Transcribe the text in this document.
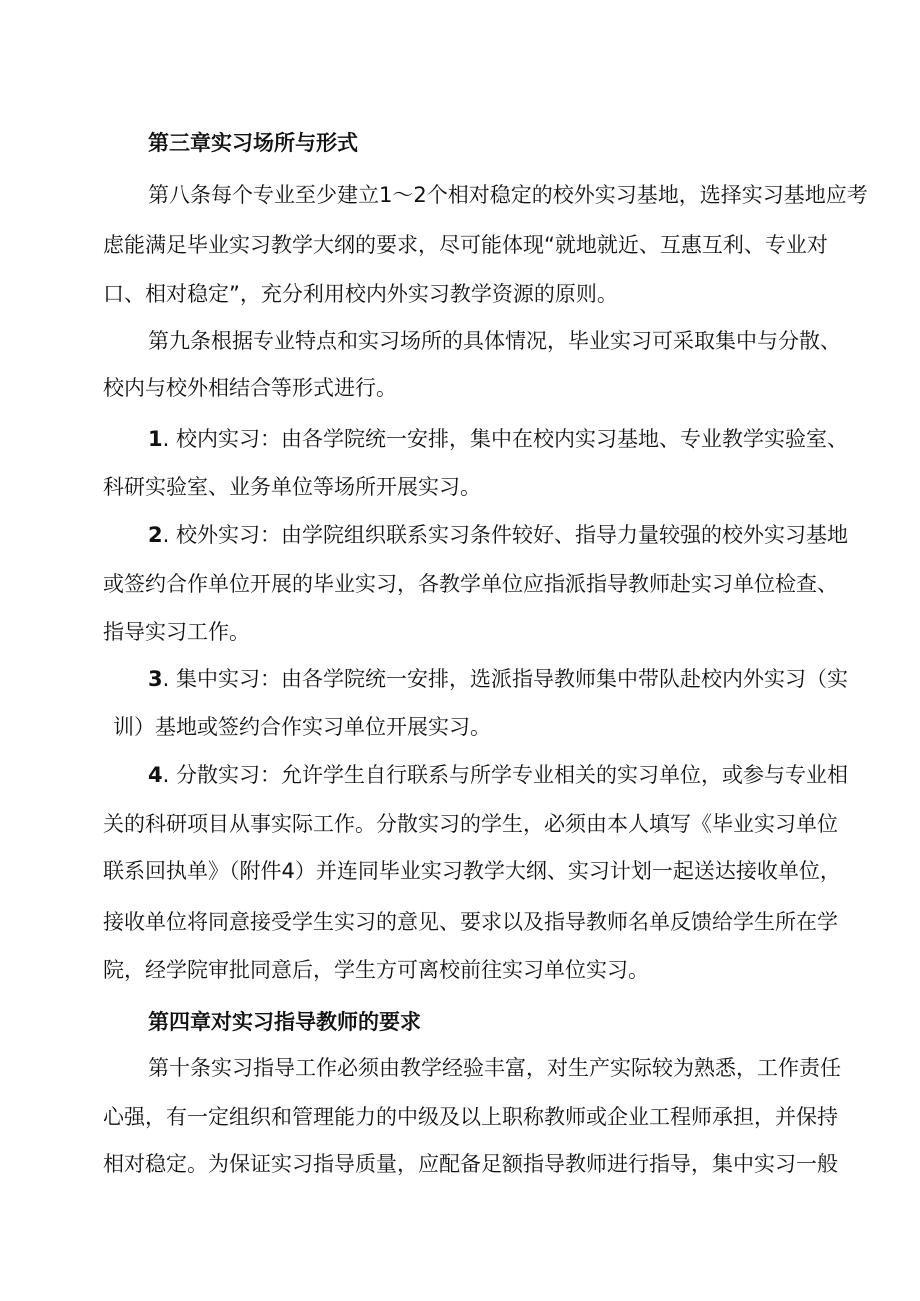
第三章实习场所与形式
第八条每个专业至少建立1～2个相对稳定的校外实习基地，选择实习基地应考
虑能满足毕业实习教学大纲的要求，尽可能体现“就地就近、互惠互利、专业对
口、相对稳定”，充分利用校内外实习教学资源的原则。
第九条根据专业特点和实习场所的具体情况，毕业实习可采取集中与分散、
校内与校外相结合等形式进行。
1. 校内实习：由各学院统一安排，集中在校内实习基地、专业教学实验室、
科研实验室、业务单位等场所开展实习。
2. 校外实习：由学院组织联系实习条件较好、指导力量较强的校外实习基地
或签约合作单位开展的毕业实习，各教学单位应指派指导教师赴实习单位检查、
指导实习工作。
3. 集中实习：由各学院统一安排，选派指导教师集中带队赴校内外实习（实
训）基地或签约合作实习单位开展实习。
4. 分散实习：允许学生自行联系与所学专业相关的实习单位，或参与专业相
关的科研项目从事实际工作。分散实习的学生，必须由本人填写《毕业实习单位
联系回执单》（附件4）并连同毕业实习教学大纲、实习计划一起送达接收单位，
接收单位将同意接受学生实习的意见、要求以及指导教师名单反馈给学生所在学
院，经学院审批同意后，学生方可离校前往实习单位实习。
第四章对实习指导教师的要求
第十条实习指导工作必须由教学经验丰富，对生产实际较为熟悉，工作责任
心强，有一定组织和管理能力的中级及以上职称教师或企业工程师承担，并保持
相对稳定。为保证实习指导质量，应配备足额指导教师进行指导，集中实习一般
